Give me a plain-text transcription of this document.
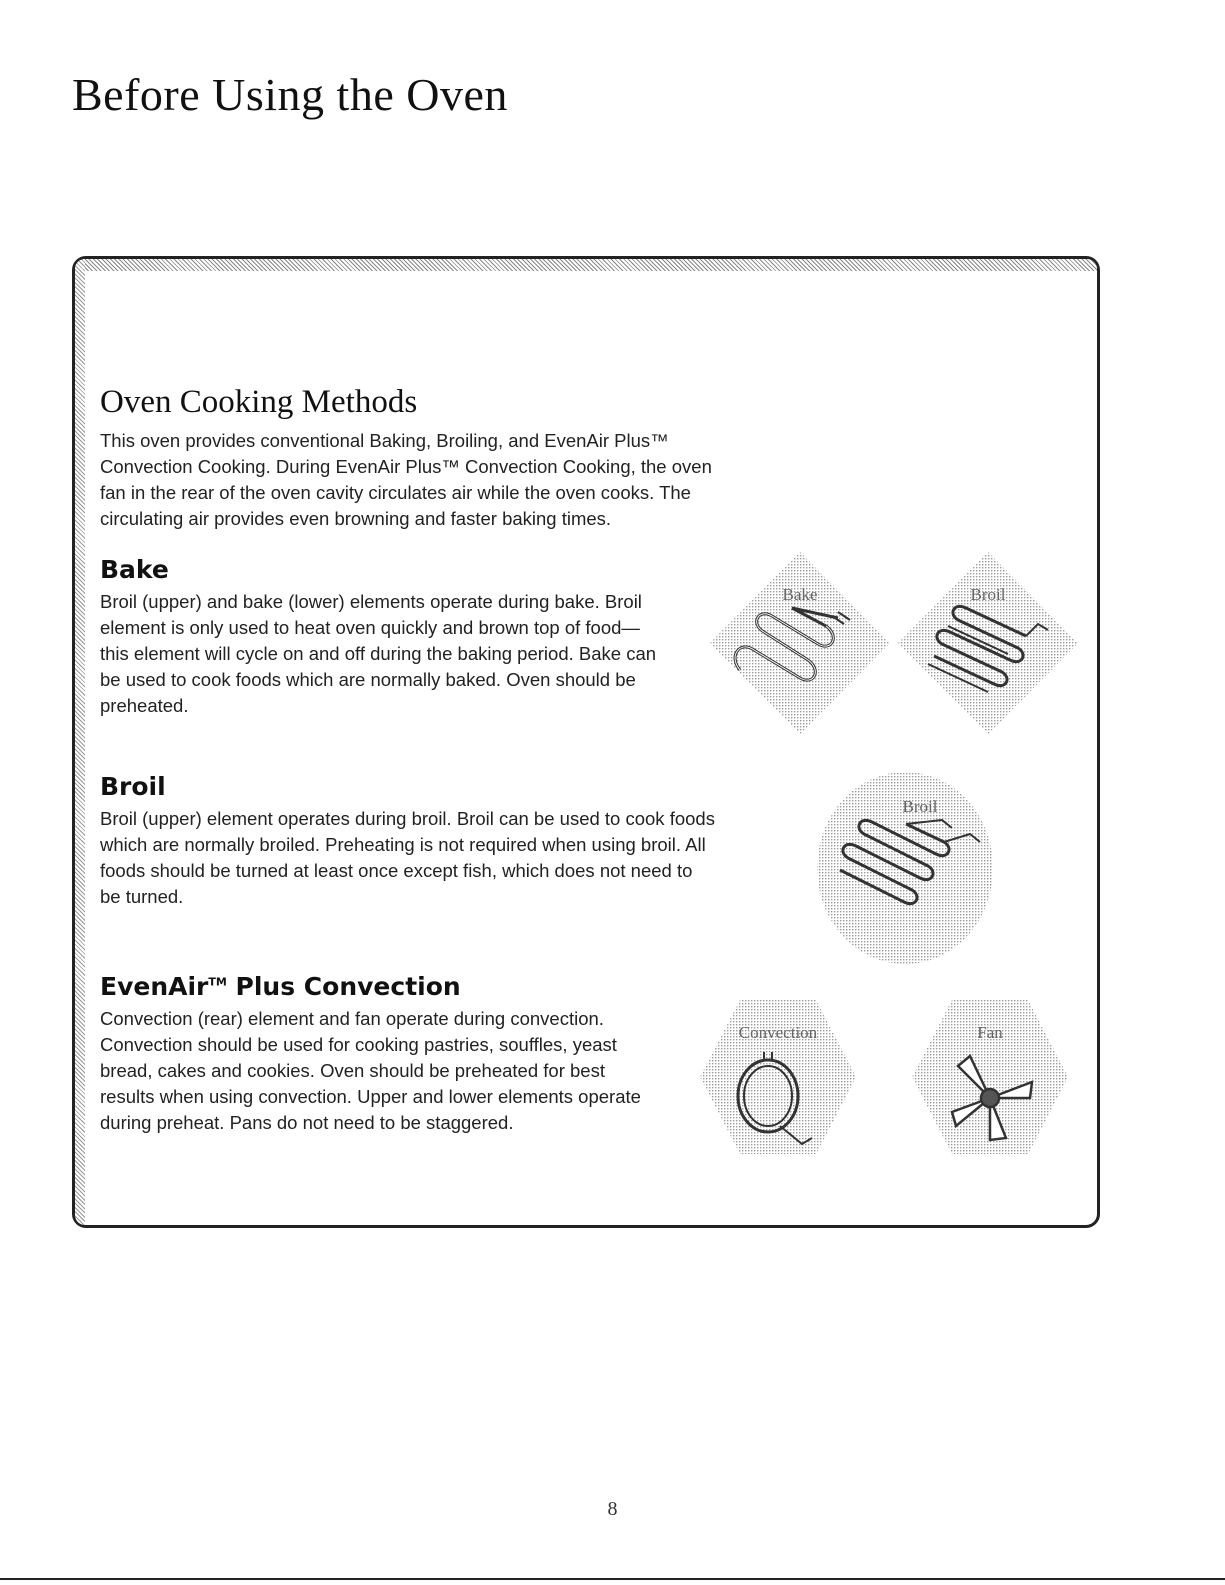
Before Using the Oven
Oven Cooking Methods
This oven provides conventional Baking, Broiling, and EvenAir Plus™
Convection Cooking. During EvenAir Plus™ Convection Cooking, the oven
fan in the rear of the oven cavity circulates air while the oven cooks. The
circulating air provides even browning and faster baking times.
Bake
Broil (upper) and bake (lower) elements operate during bake. Broil
element is only used to heat oven quickly and brown top of food—
this element will cycle on and off during the baking period. Bake can
be used to cook foods which are normally baked. Oven should be
preheated.
Broil
Broil (upper) element operates during broil. Broil can be used to cook foods
which are normally broiled. Preheating is not required when using broil. All
foods should be turned at least once except fish, which does not need to
be turned.
EvenAir™ Plus Convection
Convection (rear) element and fan operate during convection.
Convection should be used for cooking pastries, souffles, yeast
bread, cakes and cookies. Oven should be preheated for best
results when using convection. Upper and lower elements operate
during preheat. Pans do not need to be staggered.
Bake	Broil
Broil
Convection	Fan
8
